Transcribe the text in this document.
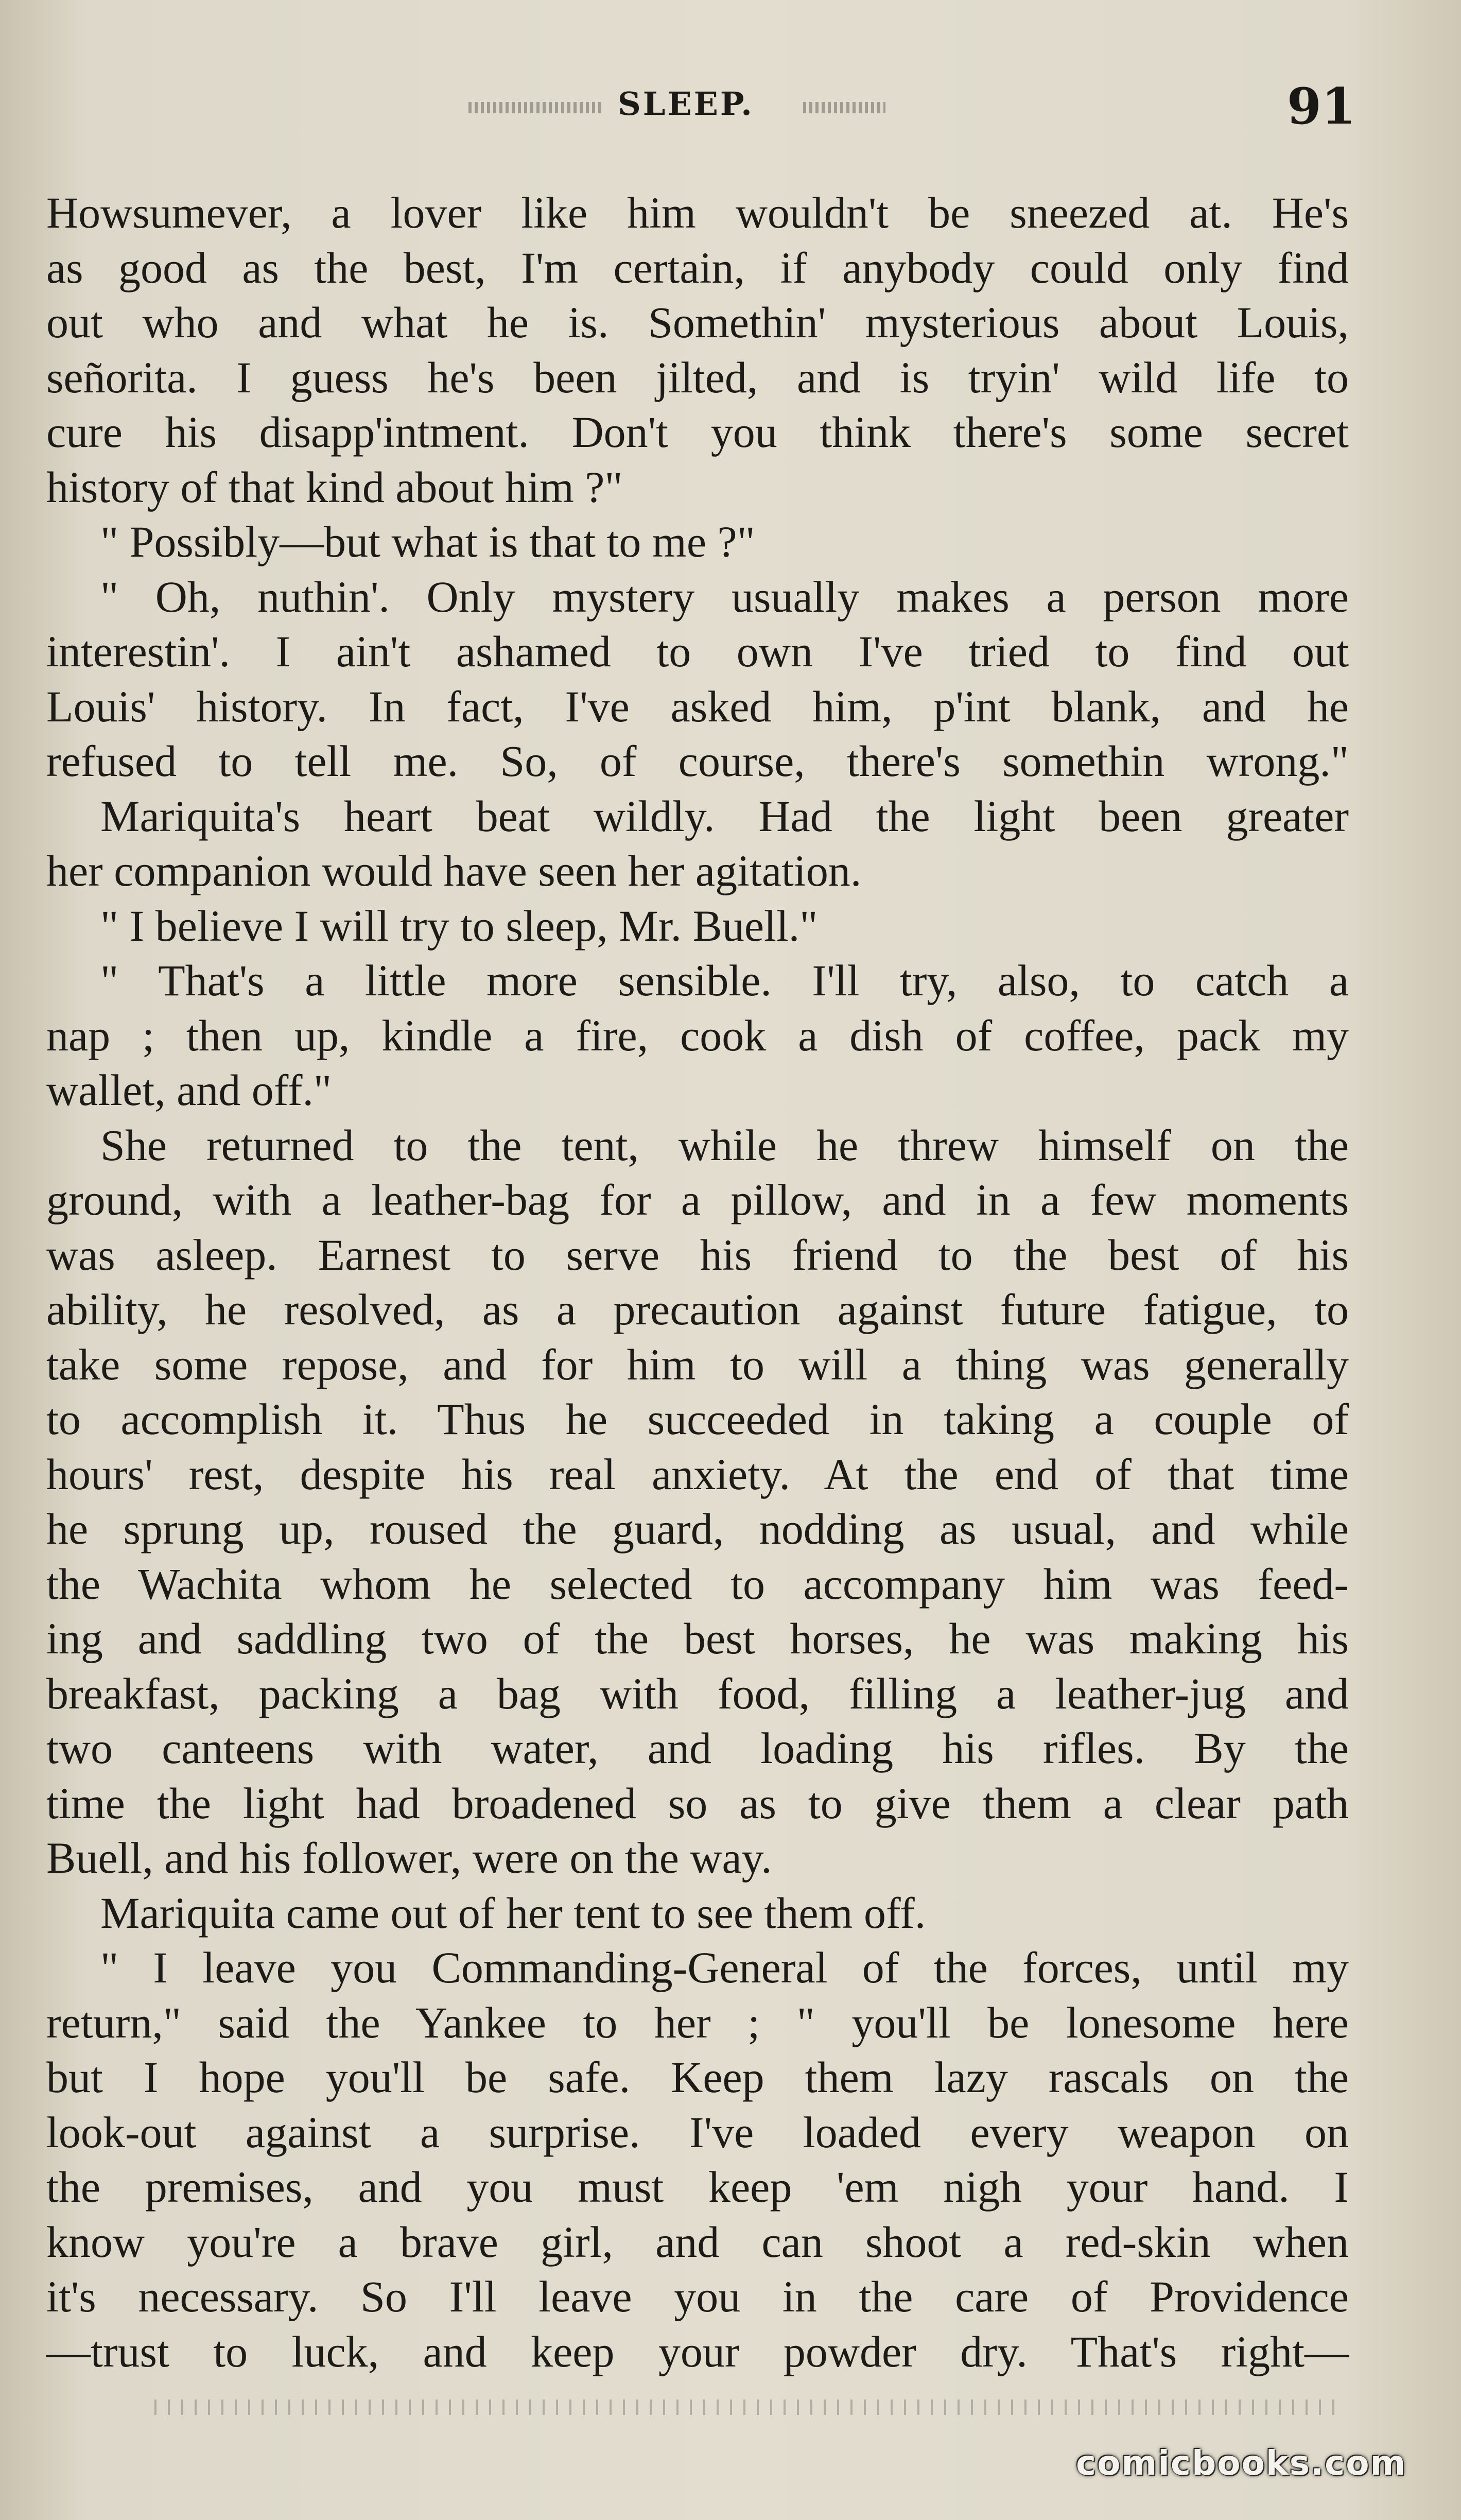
SLEEP.	91
Howsumever, a lover like him wouldn't be sneezed at. He's
as good as the best, I'm certain, if anybody could only find
out who and what he is. Somethin' mysterious about Louis,
señorita. I guess he's been jilted, and is tryin' wild life to
cure his disapp'intment. Don't you think there's some secret
history of that kind about him ?"
" Possibly—but what is that to me ?"
" Oh, nuthin'. Only mystery usually makes a person more
interestin'. I ain't ashamed to own I've tried to find out
Louis' history. In fact, I've asked him, p'int blank, and he
refused to tell me. So, of course, there's somethin wrong."
Mariquita's heart beat wildly. Had the light been greater
her companion would have seen her agitation.
" I believe I will try to sleep, Mr. Buell."
" That's a little more sensible. I'll try, also, to catch a
nap ; then up, kindle a fire, cook a dish of coffee, pack my
wallet, and off."
She returned to the tent, while he threw himself on the
ground, with a leather-bag for a pillow, and in a few moments
was asleep. Earnest to serve his friend to the best of his
ability, he resolved, as a precaution against future fatigue, to
take some repose, and for him to will a thing was generally
to accomplish it. Thus he succeeded in taking a couple of
hours' rest, despite his real anxiety. At the end of that time
he sprung up, roused the guard, nodding as usual, and while
the Wachita whom he selected to accompany him was feed-
ing and saddling two of the best horses, he was making his
breakfast, packing a bag with food, filling a leather-jug and
two canteens with water, and loading his rifles. By the
time the light had broadened so as to give them a clear path
Buell, and his follower, were on the way.
Mariquita came out of her tent to see them off.
" I leave you Commanding-General of the forces, until my
return," said the Yankee to her ; " you'll be lonesome here
but I hope you'll be safe. Keep them lazy rascals on the
look-out against a surprise. I've loaded every weapon on
the premises, and you must keep 'em nigh your hand. I
know you're a brave girl, and can shoot a red-skin when
it's necessary. So I'll leave you in the care of Providence
—trust to luck, and keep your powder dry. That's right—
comicbooks.com
